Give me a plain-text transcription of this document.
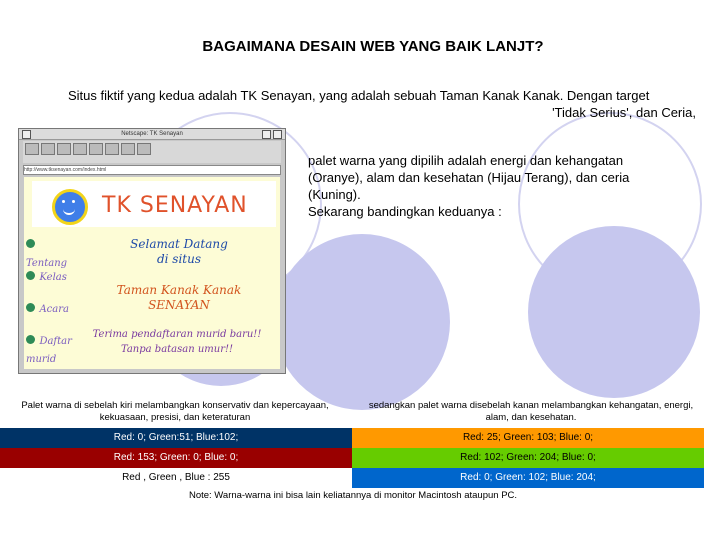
BAGAIMANA DESAIN WEB YANG BAIK LANJT?
Situs fiktif yang kedua adalah TK Senayan, yang adalah sebuah Taman Kanak Kanak. Dengan target
'Tidak Serius', dan Ceria,
palet warna yang dipilih adalah energi dan kehangatan
(Oranye), alam dan kesehatan (Hijau Terang), dan ceria
(Kuning).
Sekarang bandingkan keduanya :
Netscape: TK Senayan
http://www.tksenayan.com/index.html
TK SENAYAN
Tentang
Kelas
Acara
Daftar murid
Selamat Datang
di situs
Taman Kanak Kanak
SENAYAN
Terima pendaftaran murid baru!!
Tanpa batasan umur!!
Palet warna di sebelah kiri melambangkan konservativ dan kepercayaan, kekuasaan, presisi, dan keteraturan
sedangkan palet warna disebelah kanan melambangkan kehangatan, energi, alam, dan kesehatan.
Red: 0; Green:51; Blue:102;
Red: 153; Green: 0; Blue: 0;
Red , Green , Blue : 255
Red: 25; Green: 103; Blue: 0;
Red: 102; Green: 204; Blue: 0;
Red: 0; Green: 102; Blue: 204;
Note: Warna-warna ini bisa lain keliatannya di monitor Macintosh ataupun PC.
